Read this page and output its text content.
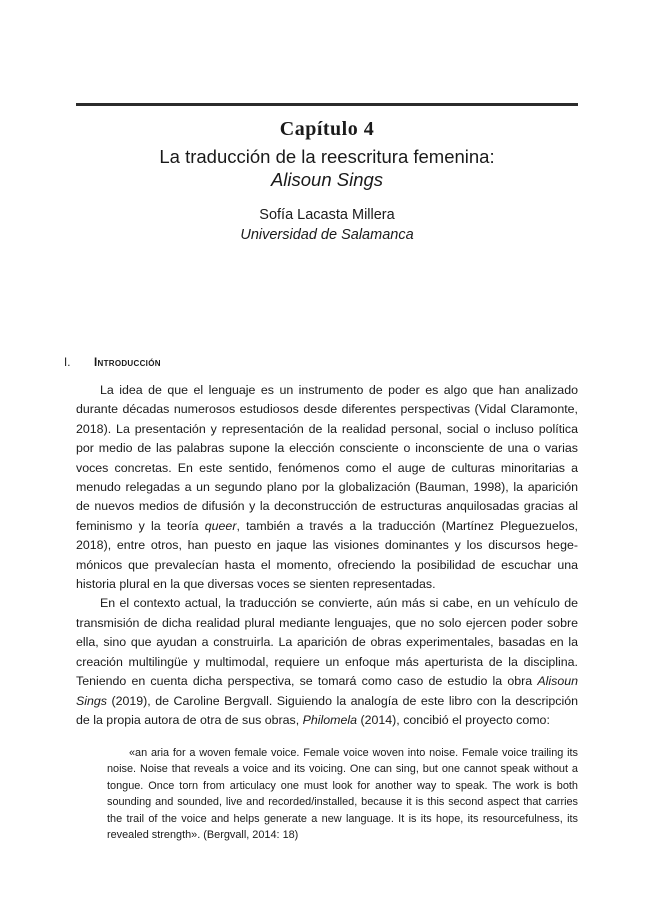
Capítulo 4
La traducción de la reescritura femenina:
Alisoun Sings
Sofía Lacasta Millera
Universidad de Salamanca
I. Introducción

La idea de que el lenguaje es un instrumento de poder es algo que han analizado durante décadas numerosos estudiosos desde diferentes perspectivas (Vidal Claramonte, 2018). La presentación y representación de la realidad personal, social o incluso política por medio de las palabras supone la elección consciente o inconsciente de una o varias voces concretas. En este sentido, fenómenos como el auge de culturas minoritarias a menudo relegadas a un segundo plano por la globalización (Bauman, 1998), la aparición de nuevos medios de difusión y la deconstrucción de estructuras anquilosadas gracias al feminismo y la teoría queer, también a través a la traducción (Martínez Pleguezuelos, 2018), entre otros, han puesto en jaque las visiones dominantes y los discursos hegemónicos que prevalecían hasta el momento, ofreciendo la posibilidad de escuchar una historia plural en la que diversas voces se sienten representadas.

En el contexto actual, la traducción se convierte, aún más si cabe, en un vehículo de transmisión de dicha realidad plural mediante lenguajes, que no solo ejercen poder sobre ella, sino que ayudan a construirla. La aparición de obras experimentales, basadas en la creación multilingüe y multimodal, requiere un enfoque más aperturista de la disciplina. Teniendo en cuenta dicha perspectiva, se tomará como caso de estudio la obra Alisoun Sings (2019), de Caroline Bergvall. Siguiendo la analogía de este libro con la descripción de la propia autora de otra de sus obras, Philomela (2014), concibió el proyecto como:

«an aria for a woven female voice. Female voice woven into noise. Female voice trailing its noise. Noise that reveals a voice and its voicing. One can sing, but one cannot speak without a tongue. Once torn from articulacy one must look for another way to speak. The work is both sounding and sounded, live and recorded/installed, because it is this second aspect that carries the trail of the voice and helps generate a new language. It is its hope, its resourcefulness, its revealed strength». (Bergvall, 2014: 18)
